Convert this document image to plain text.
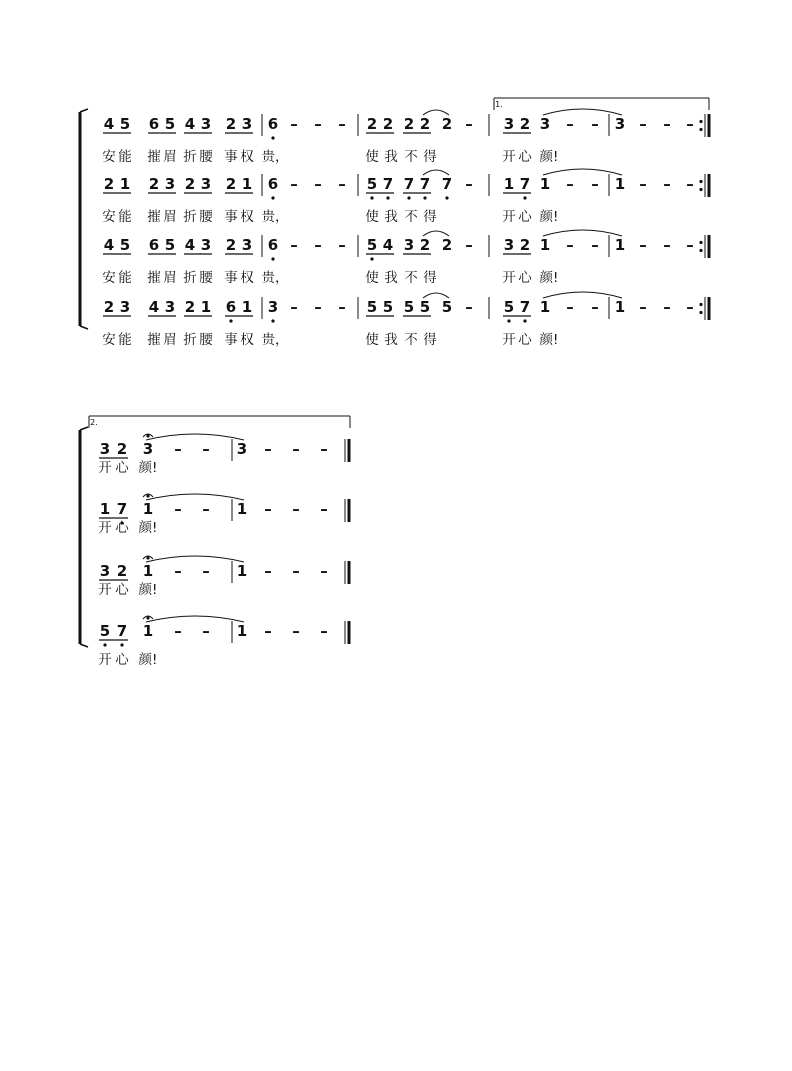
4 5 6 5 4 3 2 3 6 – – – 2 2 2 2 2 – 3 2 3 – – 3 – – –
安 能 摧 眉 折 腰 事 权 贵，	使 我 不 得	开 心 颜!
2 1 2 3 2 3 2 1 6 – – – 5 7 7 7 7 – 1 7 1 – – 1 – – –
安 能 摧 眉 折 腰 事 权 贵，	使 我 不 得	开 心 颜!
4 5 6 5 4 3 2 3 6 – – – 5 4 3 2 2 – 3 2 1 – – 1 – – –
安 能 摧 眉 折 腰 事 权 贵，	使 我 不 得	开 心 颜!
2 3 4 3 2 1 6 1 3 – – – 5 5 5 5 5 – 5 7 1 – – 1 – – –
安 能 摧 眉 折 腰 事 权 贵，	使 我 不 得	开 心 颜!
1.
3 2 3 – – 3 – – –
开 心 颜!
1 7 1 – – 1 – – –
开 心 颜!
3 2 1 – – 1 – – –
开 心 颜!
5 7 1 – – 1 – – –
开 心 颜!
2.
